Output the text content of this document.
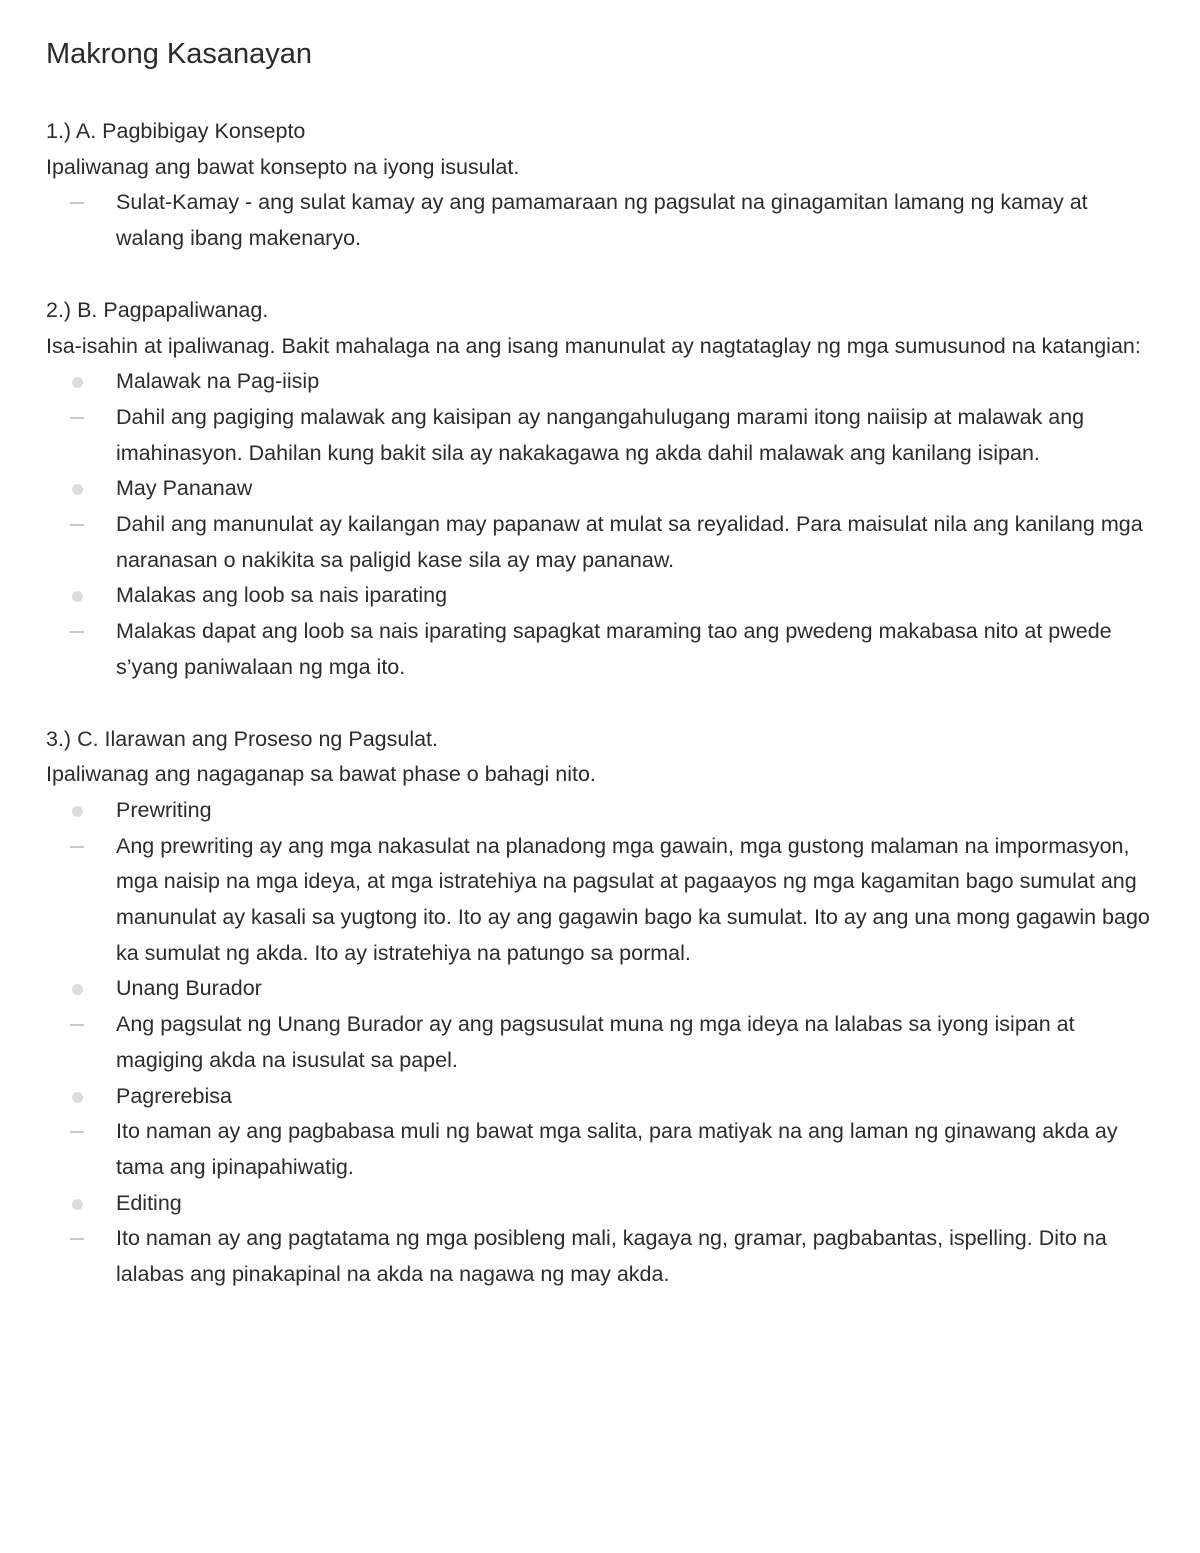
Makrong Kasanayan

1.) A. Pagbibigay Konsepto

Ipaliwanag ang bawat konsepto na iyong isusulat.

Sulat-Kamay - ang sulat kamay ay ang pamamaraan ng pagsulat na ginagamitan lamang ng kamay at walang ibang makenaryo.

2.) B. Pagpapaliwanag.

Isa-isahin at ipaliwanag. Bakit mahalaga na ang isang manunulat ay nagtataglay ng mga sumusunod na katangian:

Malawak na Pag-iisip
Dahil ang pagiging malawak ang kaisipan ay nangangahulugang marami itong naiisip at malawak ang imahinasyon. Dahilan kung bakit sila ay nakakagawa ng akda dahil malawak ang kanilang isipan.
May Pananaw
Dahil ang manunulat ay kailangan may papanaw at mulat sa reyalidad. Para maisulat nila ang kanilang mga naranasan o nakikita sa paligid kase sila ay may pananaw.
Malakas ang loob sa nais iparating
Malakas dapat ang loob sa nais iparating sapagkat maraming tao ang pwedeng makabasa nito at pwede s’yang paniwalaan ng mga ito.

3.) C. Ilarawan ang Proseso ng Pagsulat.

Ipaliwanag ang nagaganap sa bawat phase o bahagi nito.

Prewriting
Ang prewriting ay ang mga nakasulat na planadong mga gawain, mga gustong malaman na impormasyon, mga naisip na mga ideya, at mga istratehiya na pagsulat at pagaayos ng mga kagamitan bago sumulat ang manunulat ay kasali sa yugtong ito. Ito ay ang gagawin bago ka sumulat. Ito ay ang una mong gagawin bago ka sumulat ng akda. Ito ay istratehiya na patungo sa pormal.
Unang Burador
Ang pagsulat ng Unang Burador ay ang pagsusulat muna ng mga ideya na lalabas sa iyong isipan at magiging akda na isusulat sa papel.
Pagrerebisa
Ito naman ay ang pagbabasa muli ng bawat mga salita, para matiyak na ang laman ng ginawang akda ay tama ang ipinapahiwatig.
Editing
Ito naman ay ang pagtatama ng mga posibleng mali, kagaya ng, gramar, pagbabantas, ispelling. Dito na lalabas ang pinakapinal na akda na nagawa ng may akda.
